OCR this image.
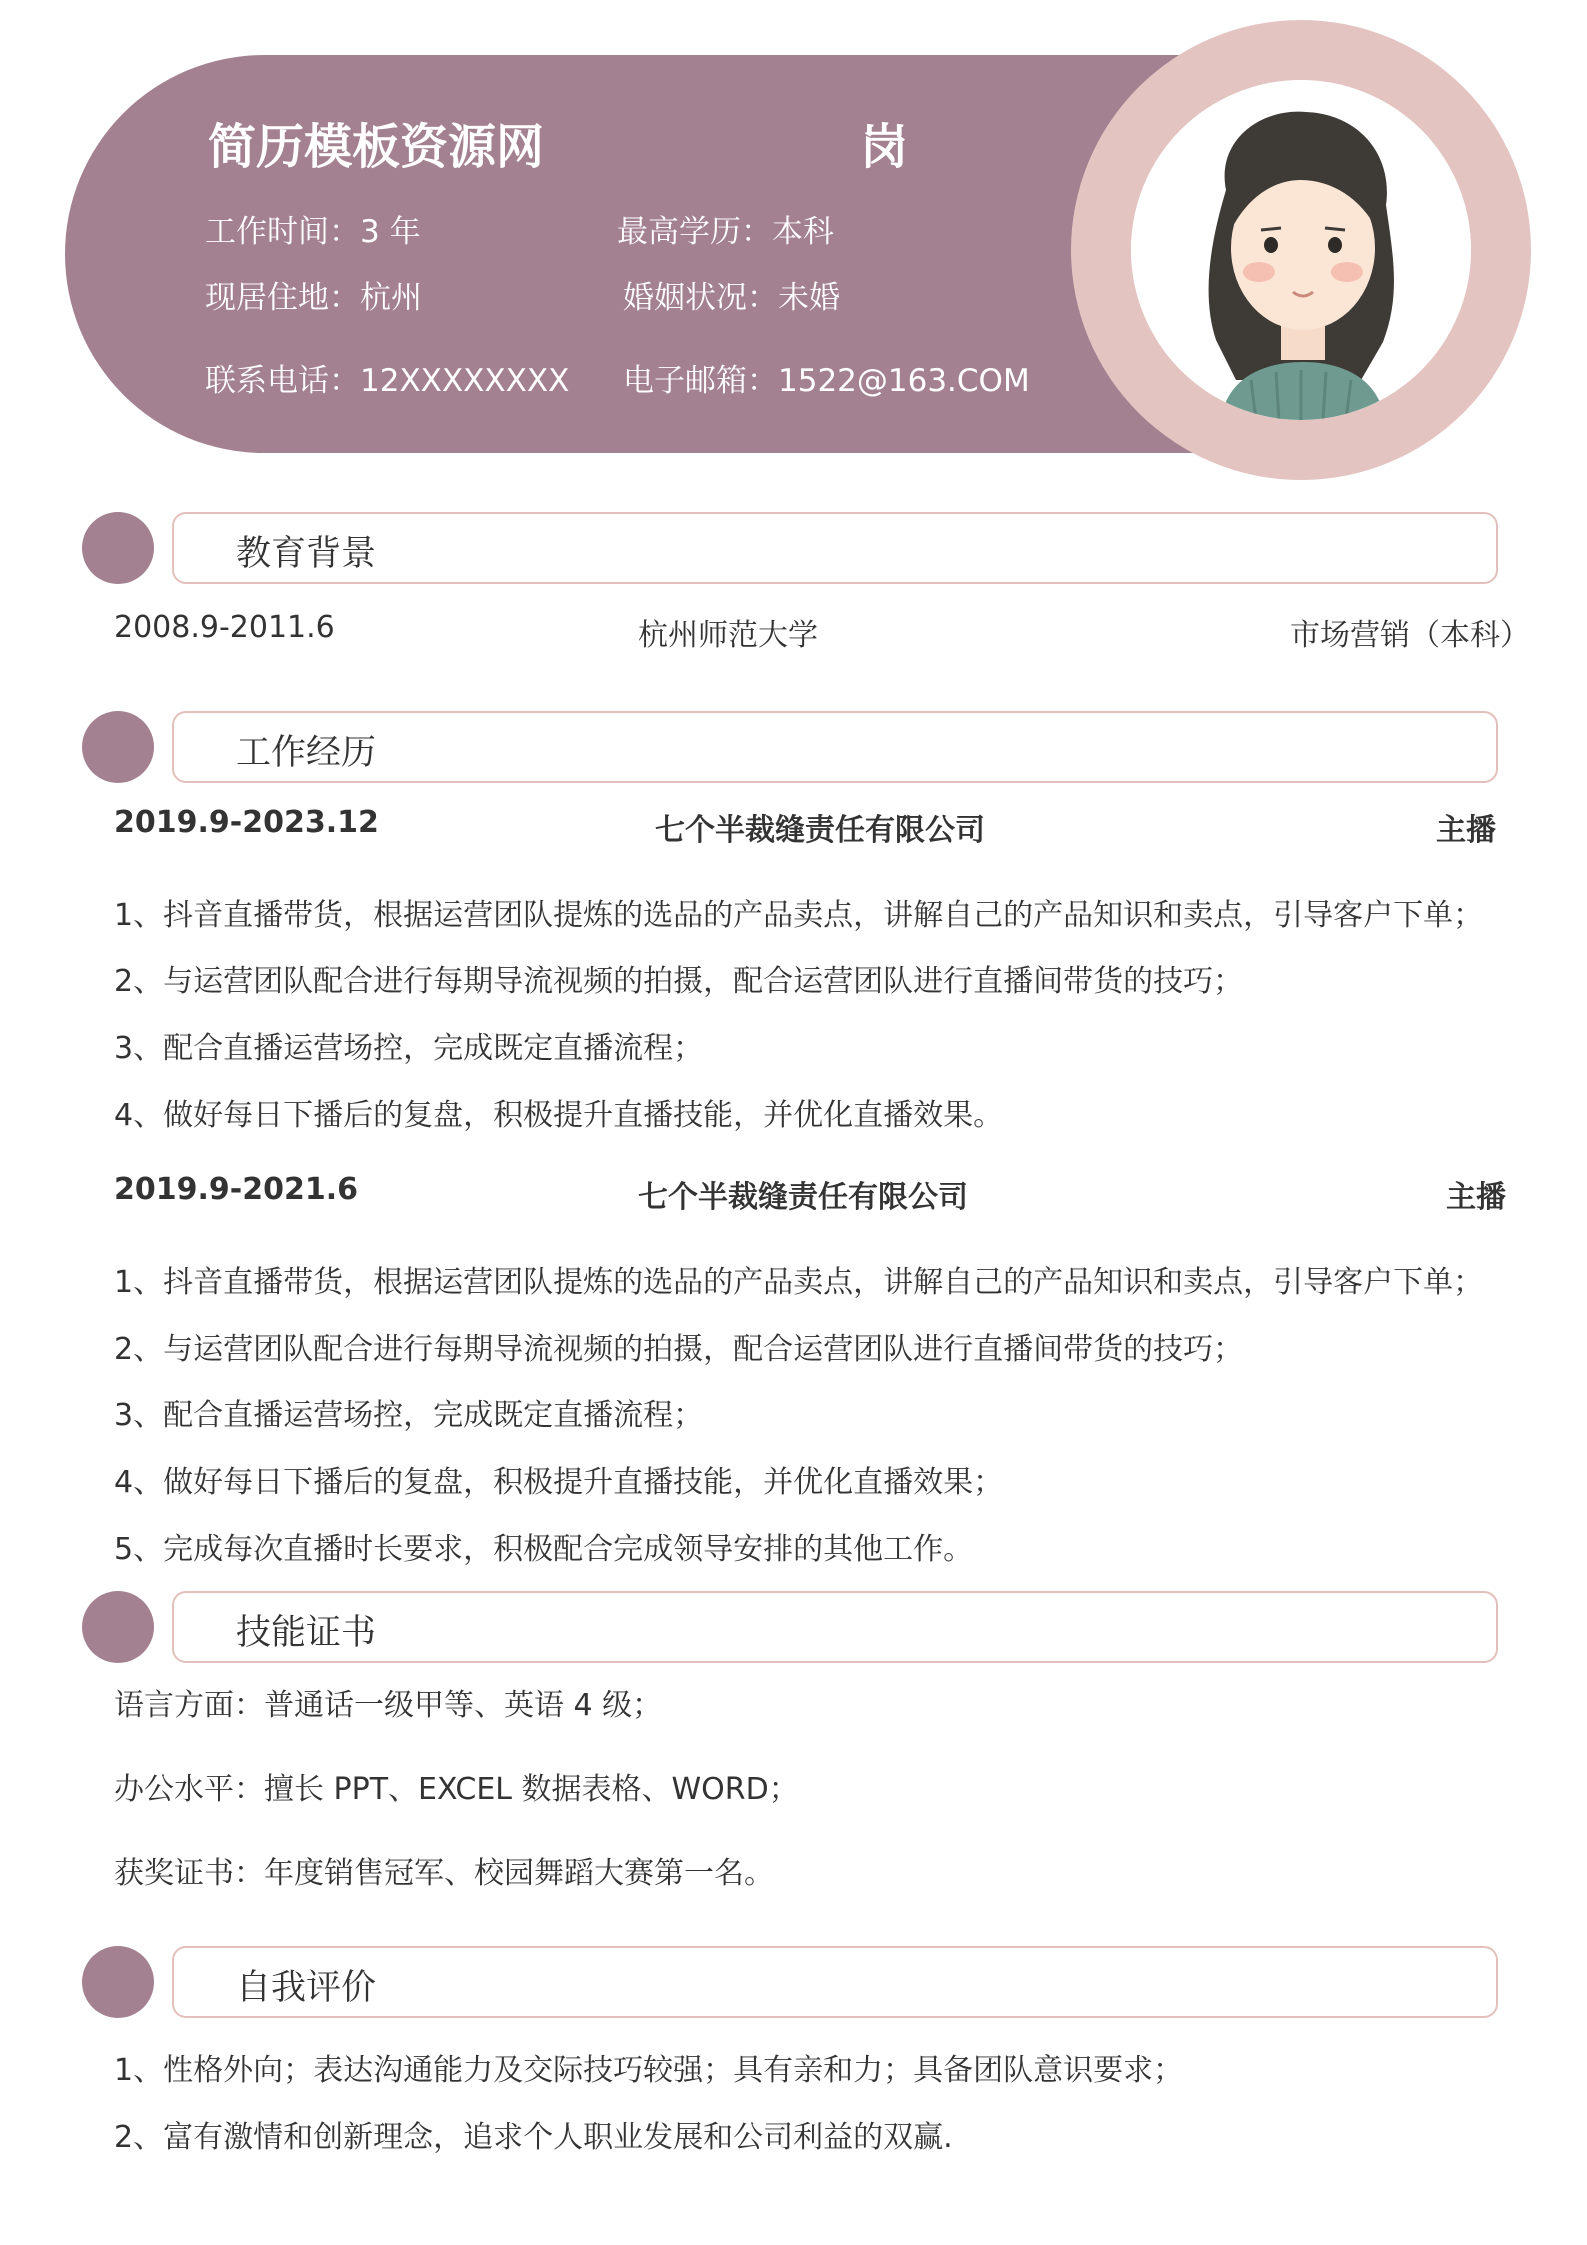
简历模板资源网	岗
工作时间：3 年	最高学历：本科
现居住地：杭州	婚姻状况：未婚
联系电话：12XXXXXXXX 电子邮箱：1522@163.COM
教育背景
2008.9-2011.6	杭州师范大学	市场营销（本科）
工作经历
2019.9-2023.12	七个半裁缝责任有限公司	主播
1、抖音直播带货，根据运营团队提炼的选品的产品卖点，讲解自己的产品知识和卖点，引导客户下单；
2、与运营团队配合进行每期导流视频的拍摄，配合运营团队进行直播间带货的技巧；
3、配合直播运营场控，完成既定直播流程；
4、做好每日下播后的复盘，积极提升直播技能，并优化直播效果。
2019.9-2021.6	七个半裁缝责任有限公司	主播
1、抖音直播带货，根据运营团队提炼的选品的产品卖点，讲解自己的产品知识和卖点，引导客户下单；
2、与运营团队配合进行每期导流视频的拍摄，配合运营团队进行直播间带货的技巧；
3、配合直播运营场控，完成既定直播流程；
4、做好每日下播后的复盘，积极提升直播技能，并优化直播效果；
5、完成每次直播时长要求，积极配合完成领导安排的其他工作。
技能证书
语言方面：普通话一级甲等、英语 4 级；
办公水平：擅长 PPT、EXCEL 数据表格、WORD；
获奖证书：年度销售冠军、校园舞蹈大赛第一名。
自我评价
1、性格外向；表达沟通能力及交际技巧较强；具有亲和力；具备团队意识要求；
2、富有激情和创新理念，追求个人职业发展和公司利益的双赢.
